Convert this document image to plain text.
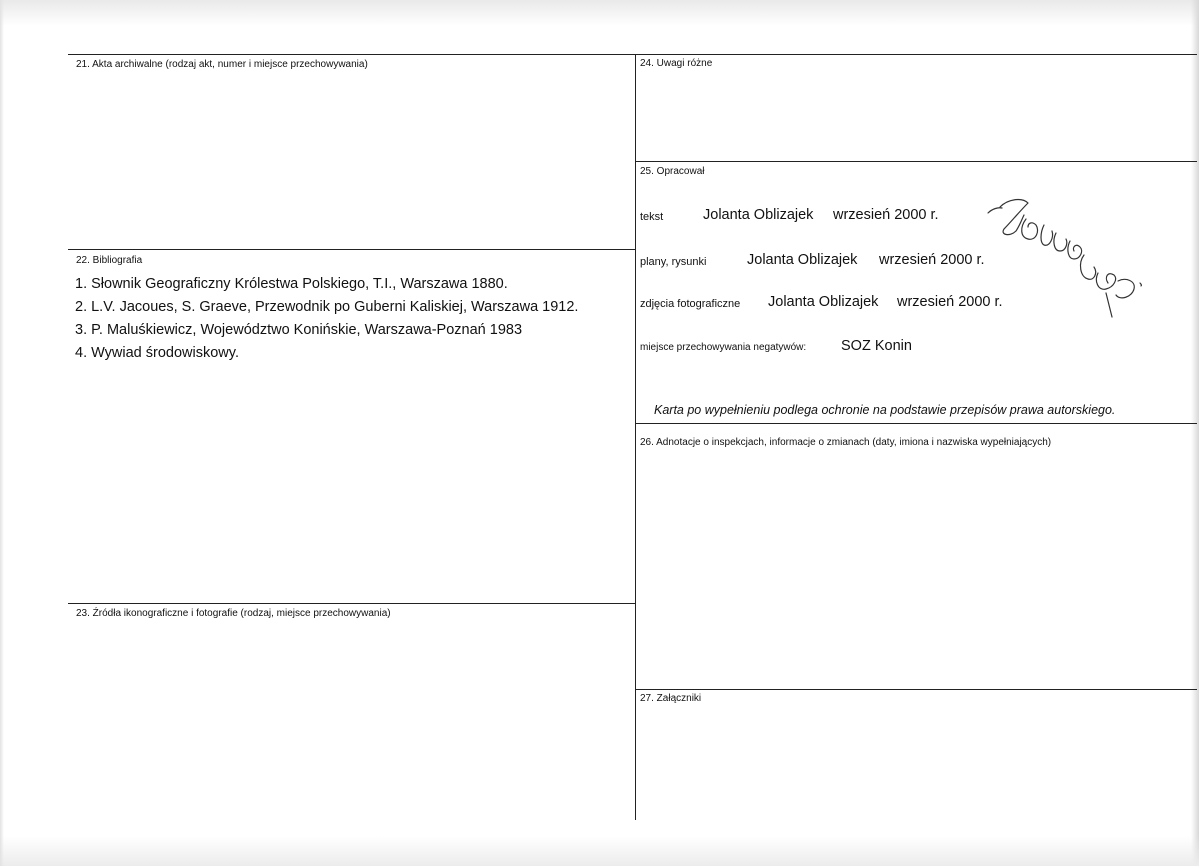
21. Akta archiwalne (rodzaj akt, numer i miejsce przechowywania)
22. Bibliografia
1. Słownik Geograficzny Królestwa Polskiego, T.I., Warszawa 1880.
2. L.V. Jacoues, S. Graeve, Przewodnik po Guberni Kaliskiej, Warszawa 1912.
3. P. Maluśkiewicz, Województwo Konińskie, Warszawa-Poznań 1983
4. Wywiad środowiskowy.
23. Źródła ikonograficzne i fotografie (rodzaj, miejsce przechowywania)
24. Uwagi różne
25. Opracował
tekst	Jolanta Oblizajek wrzesień 2000 r.
plany, rysunki	Jolanta Oblizajek wrzesień 2000 r.
zdjęcia fotograficzne Jolanta Oblizajek wrzesień 2000 r.
miejsce przechowywania negatywów: SOZ Konin
Karta po wypełnieniu podlega ochronie na podstawie przepisów prawa autorskiego.
26. Adnotacje o inspekcjach, informacje o zmianach (daty, imiona i nazwiska wypełniających)
27. Załączniki
